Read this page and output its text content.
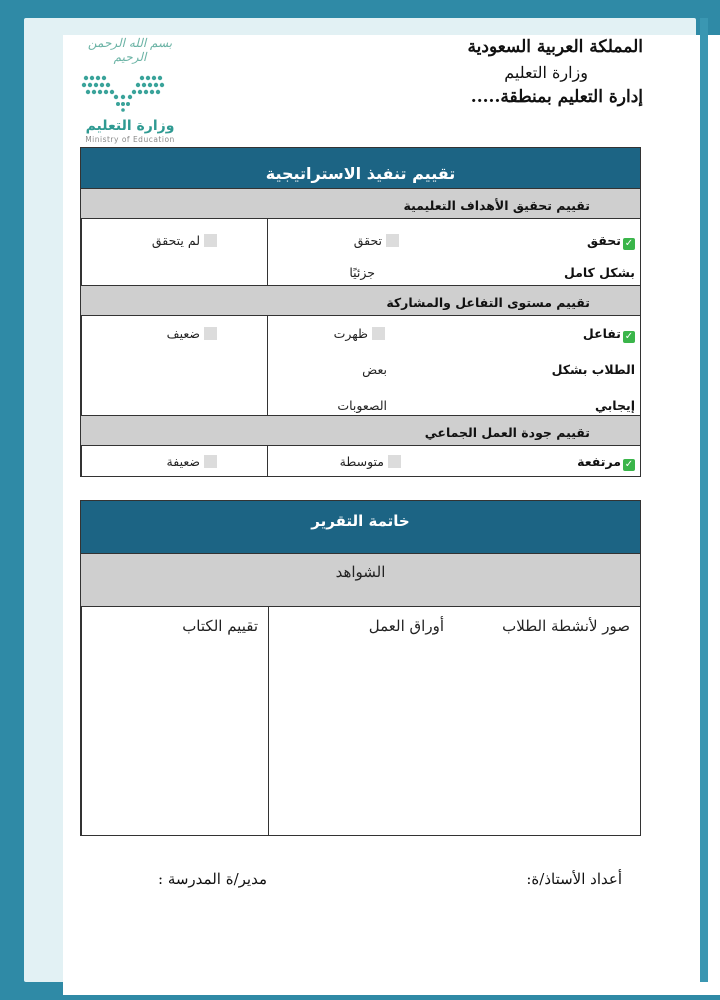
المملكة العربية السعودية
وزارة التعليم
إدارة التعليم بمنطقة.....
بسم الله الرحمن الرحيم
وزارة التعليم
Ministry of Education
تقييم تنفيذ الاستراتيجية
تقييم تحقيق الأهداف التعليمية
✓تحقق
بشكل كامل
تحقق
جزئيًا
لم يتحقق
تقييم مستوى التفاعل والمشاركة
✓تفاعل
الطلاب بشكل
إيجابي
ظهرت
بعض
الصعوبات
ضعيف
تقييم جودة العمل الجماعي
✓مرتفعة
متوسطة
ضعيفة
خاتمة التقرير
الشواهد
صور لأنشطة الطلاب
أوراق العمل
تقييم الكتاب
أعداد الأستاذ/ة:
مدير/ة المدرسة :
